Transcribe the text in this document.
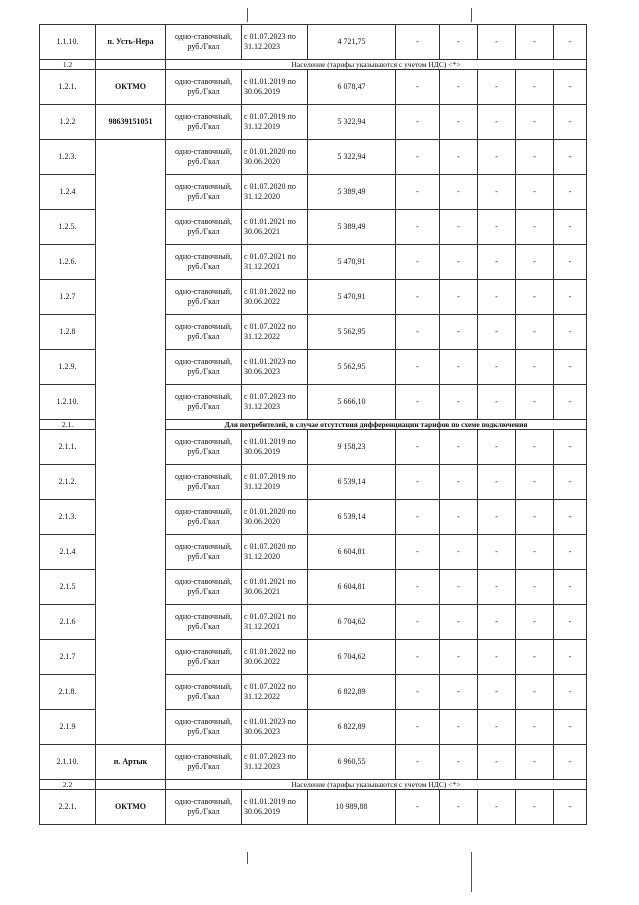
1.1.10.	п. Усть-Нера	одно-ставочный, руб./Гкал	с 01.07.2023 по 31.12.2023	4 721,75	-	-	-	-	-
1.2		Население (тарифы указываются с учетом НДС) <*>							
1.2.1.	ОКТМО	одно-ставочный, руб./Гкал	с 01.01.2019 по 30.06.2019	6 078,47	-	-	-	-	-
1.2.2	98639151051	одно-ставочный, руб./Гкал	с 01.07.2019 по 31.12.2019	5 322,94	-	-	-	-	-
1.2.3.		одно-ставочный, руб./Гкал	с 01.01.2020 по 30.06.2020	5 322,94	-	-	-	-	-
1.2.4		одно-ставочный, руб./Гкал	с 01.07.2020 по 31.12.2020	5 389,49	-	-	-	-	-
1.2.5.		одно-ставочный, руб./Гкал	с 01.01.2021 по 30.06.2021	5 389,49	-	-	-	-	-
1.2.6.		одно-ставочный, руб./Гкал	с 01.07.2021 по 31.12.2021	5 470,91	-	-	-	-	-
1.2.7		одно-ставочный, руб./Гкал	с 01.01.2022 по 30.06.2022	5 470,91	-	-	-	-	-
1.2.8		одно-ставочный, руб./Гкал	с 01.07.2022 по 31.12.2022	5 562,95	-	-	-	-	-
1.2.9.		одно-ставочный, руб./Гкал	с 01.01.2023 по 30.06.2023	5 562,95	-	-	-	-	-
1.2.10.		одно-ставочный, руб./Гкал	с 01.07.2023 по 31.12.2023	5 666,10	-	-	-	-	-
2.1.		Для потребителей, в случае отсутствия дифференциации тарифов по схеме подключения							
2.1.1.		одно-ставочный, руб./Гкал	с 01.01.2019 по 30.06.2019	9 158,23	-	-	-	-	-
2.1.2.		одно-ставочный, руб./Гкал	с 01.07.2019 по 31.12.2019	6 539,14	-	-	-	-	-
2.1.3.		одно-ставочный, руб./Гкал	с 01.01.2020 по 30.06.2020	6 539,14	-	-	-	-	-
2.1.4		одно-ставочный, руб./Гкал	с 01.07.2020 по 31.12.2020	6 604,81	-	-	-	-	-
2.1.5		одно-ставочный, руб./Гкал	с 01.01.2021 по 30.06.2021	6 604,81	-	-	-	-	-
2.1.6		одно-ставочный, руб./Гкал	с 01.07.2021 по 31.12.2021	6 704,62	-	-	-	-	-
2.1.7		одно-ставочный, руб./Гкал	с 01.01.2022 по 30.06.2022	6 704,62	-	-	-	-	-
2.1.8.		одно-ставочный, руб./Гкал	с 01.07.2022 по 31.12.2022	6 822,89	-	-	-	-	-
2.1.9		одно-ставочный, руб./Гкал	с 01.01.2023 по 30.06.2023	6 822,89	-	-	-	-	-
2.1.10.	п. Артык	одно-ставочный, руб./Гкал	с 01.07.2023 по 31.12.2023	6 960,55	-	-	-	-	-
2.2		Население (тарифы указываются с учетом НДС) <*>							
2.2.1.	ОКТМО	одно-ставочный, руб./Гкал	с 01.01.2019 по 30.06.2019	10 989,88	-	-	-	-	-
